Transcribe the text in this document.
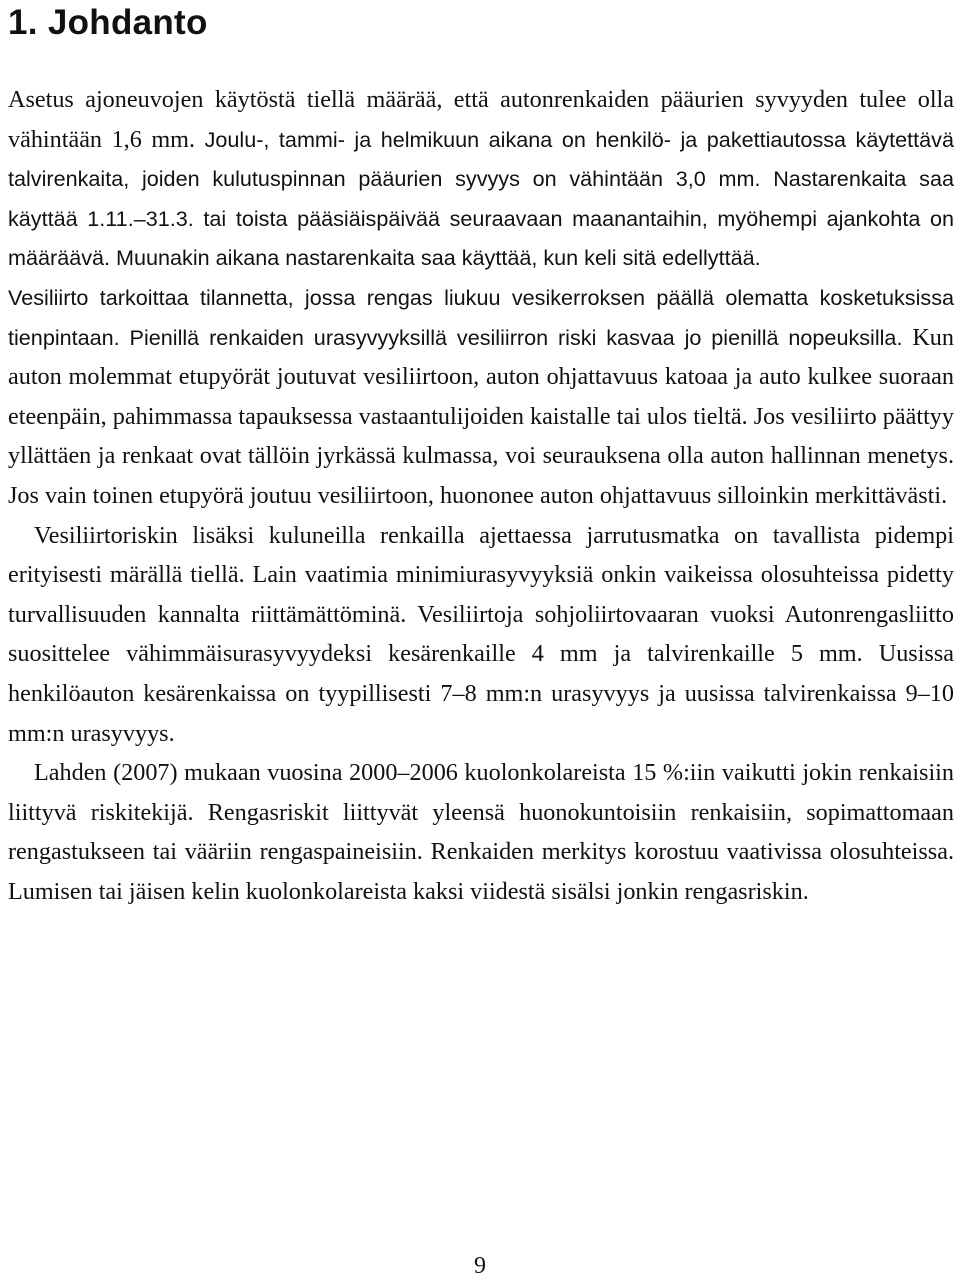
1. Johdanto

Asetus ajoneuvojen käytöstä tiellä määrää, että autonrenkaiden pääurien syvyyden tulee olla vähintään 1,6 mm. Joulu-, tammi- ja helmikuun aikana on henkilö- ja pakettiautossa käytettävä talvirenkaita, joiden kulutuspinnan pääurien syvyys on vähintään 3,0 mm. Nastarenkaita saa käyttää 1.11.–31.3. tai toista pääsiäispäivää seuraavaan maanantaihin, myöhempi ajankohta on määräävä. Muunakin aikana nastarenkaita saa käyttää, kun keli sitä edellyttää.

Vesiliirto tarkoittaa tilannetta, jossa rengas liukuu vesikerroksen päällä olematta kosketuksissa tienpintaan. Pienillä renkaiden urasyvyyksillä vesiliirron riski kasvaa jo pienillä nopeuksilla. Kun auton molemmat etupyörät joutuvat vesiliirtoon, auton ohjattavuus katoaa ja auto kulkee suoraan eteenpäin, pahimmassa tapauksessa vastaantulijoiden kaistalle tai ulos tieltä. Jos vesiliirto päättyy yllättäen ja renkaat ovat tällöin jyrkässä kulmassa, voi seurauksena olla auton hallinnan menetys. Jos vain toinen etupyörä joutuu vesiliirtoon, huononee auton ohjattavuus silloinkin merkittävästi.

Vesiliirtoriskin lisäksi kuluneilla renkailla ajettaessa jarrutusmatka on tavallista pidempi erityisesti märällä tiellä. Lain vaatimia minimiurasyvyyksiä onkin vaikeissa olosuhteissa pidetty turvallisuuden kannalta riittämättöminä. Vesiliirtoja sohjoliirtovaaran vuoksi Autonrengasliitto suosittelee vähimmäisurasyvyydeksi kesärenkaille 4 mm ja talvirenkaille 5 mm. Uusissa henkilöauton kesärenkaissa on tyypillisesti 7–8 mm:n urasyvyys ja uusissa talvirenkaissa 9–10 mm:n urasyvyys.

Lahden (2007) mukaan vuosina 2000–2006 kuolonkolareista 15 %:iin vaikutti jokin renkaisiin liittyvä riskitekijä. Rengasriskit liittyvät yleensä huonokuntoisiin renkaisiin, sopimattomaan rengastukseen tai vääriin rengaspaineisiin. Renkaiden merkitys korostuu vaativissa olosuhteissa. Lumisen tai jäisen kelin kuolonkolareista kaksi viidestä sisälsi jonkin rengasriskin.

9
